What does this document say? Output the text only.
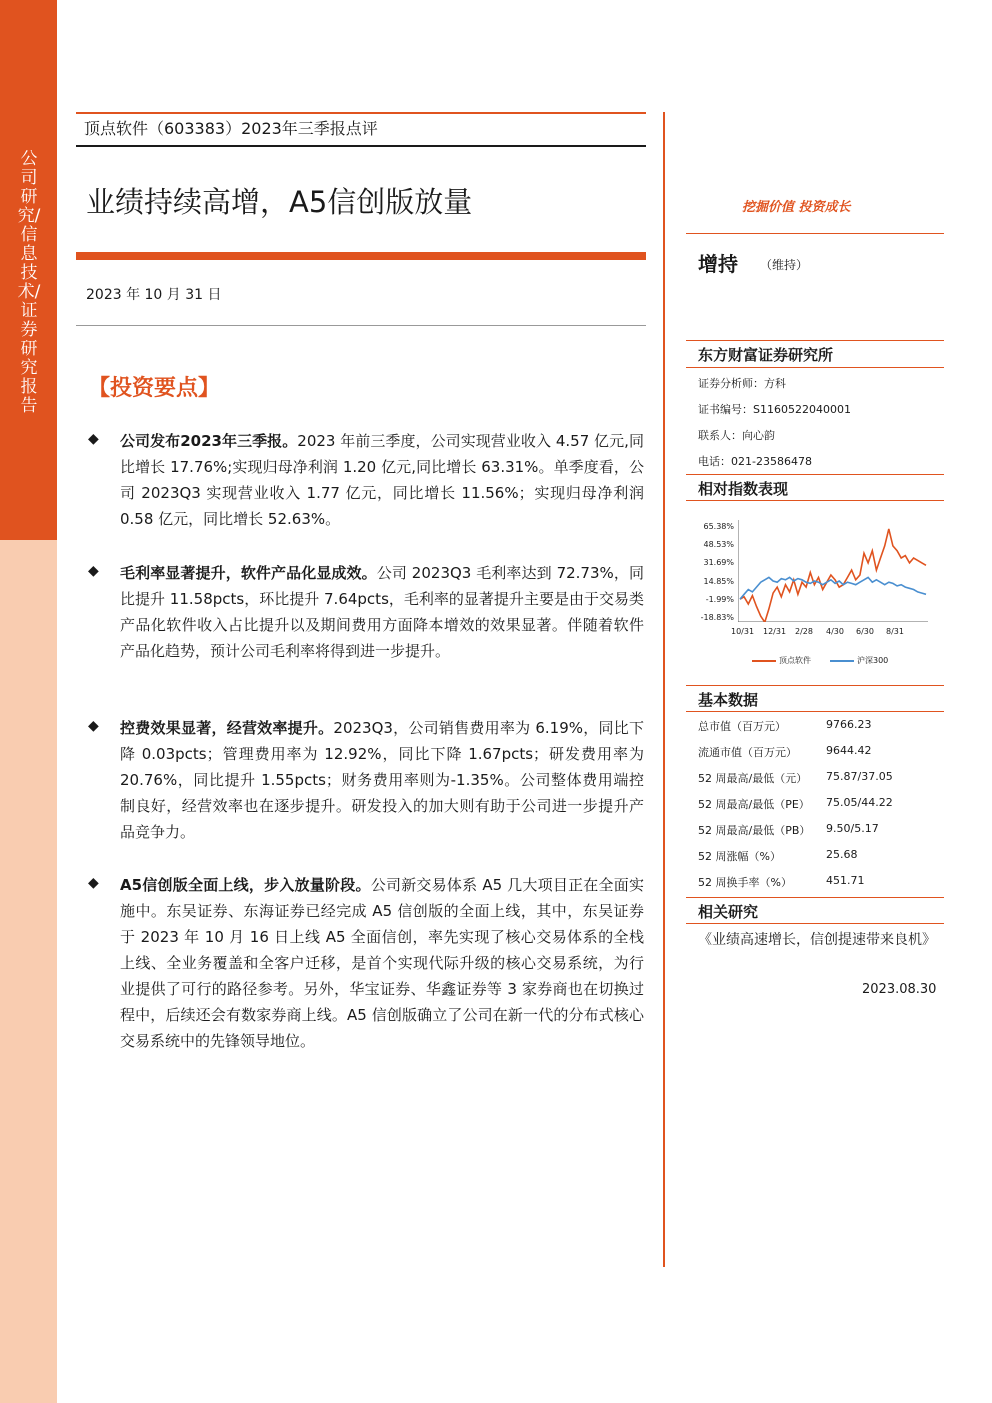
公司研究/信息技术/证券研究报告
顶点软件（603383）2023年三季报点评
业绩持续高增，A5信创版放量
2023 年 10 月 31 日
【投资要点】
◆ 公司发布2023年三季报。2023 年前三季度，公司实现营业收入 4.57 亿元,同比增长 17.76%;实现归母净利润 1.20 亿元,同比增长 63.31%。单季度看，公司 2023Q3 实现营业收入 1.77 亿元，同比增长 11.56%；实现归母净利润 0.58 亿元，同比增长 52.63%。
◆ 毛利率显著提升，软件产品化显成效。公司 2023Q3 毛利率达到 72.73%，同比提升 11.58pcts，环比提升 7.64pcts，毛利率的显著提升主要是由于交易类产品化软件收入占比提升以及期间费用方面降本增效的效果显著。伴随着软件产品化趋势，预计公司毛利率将得到进一步提升。
◆ 控费效果显著，经营效率提升。2023Q3，公司销售费用率为 6.19%，同比下降 0.03pcts；管理费用率为 12.92%，同比下降 1.67pcts；研发费用率为 20.76%，同比提升 1.55pcts；财务费用率则为-1.35%。公司整体费用端控制良好，经营效率也在逐步提升。研发投入的加大则有助于公司进一步提升产品竞争力。
◆ A5信创版全面上线，步入放量阶段。公司新交易体系 A5 几大项目正在全面实施中。东吴证券、东海证券已经完成 A5 信创版的全面上线，其中，东吴证券于 2023 年 10 月 16 日上线 A5 全面信创，率先实现了核心交易体系的全栈上线、全业务覆盖和全客户迁移，是首个实现代际升级的核心交易系统，为行业提供了可行的路径参考。另外，华宝证券、华鑫证券等 3 家券商也在切换过程中，后续还会有数家券商上线。A5 信创版确立了公司在新一代的分布式核心交易系统中的先锋领导地位。
挖掘价值 投资成长
增持 （维持）
东方财富证券研究所
证券分析师：方科
证书编号：S1160522040001
联系人：向心韵
电话：021-23586478
相对指数表现
65.38%
48.53%
31.69%
14.85%
-1.99%
-18.83%
10/31 12/31 2/28 4/30 6/30 8/31
顶点软件	沪深300
基本数据
总市值（百万元）	9766.23
流通市值（百万元）	9644.42
52 周最高/最低（元） 75.87/37.05
52 周最高/最低（PE） 75.05/44.22
52 周最高/最低（PB） 9.50/5.17
52 周涨幅（%）	25.68
52 周换手率（%）	451.71
相关研究
《业绩高速增长，信创提速带来良机》
2023.08.30
